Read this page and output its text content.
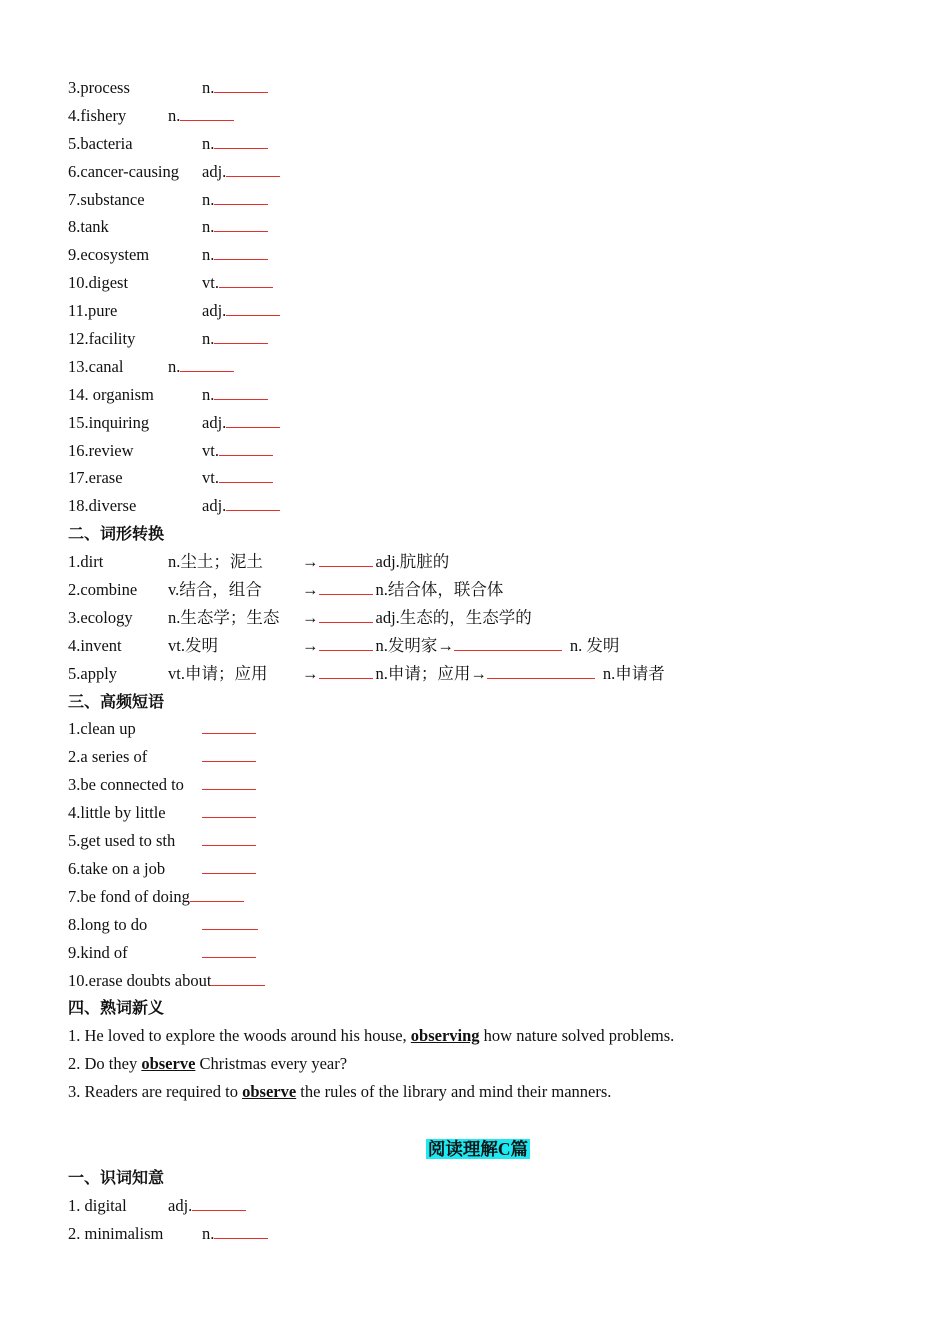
3.process	n.
4.fishery	n.
5.bacteria	n.
6.cancer-causing adj.
7.substance	n.
8.tank	n.
9.ecosystem	n.
10.digest	vt.
11.pure	adj.
12.facility	n.
13.canal	n.
14. organism	n.
15.inquiring	adj.
16.review	vt.
17.erase	vt.
18.diverse	adj.
二、词形转换
1.dirt	n.尘土；泥土 →	adj.肮脏的
2.combine v.结合，组合 →	n.结合体，联合体
3.ecology n.生态学；生态 →	adj.生态的，生态学的
4.invent	vt.发明	→	n.发明家→	n. 发明
5.apply	vt.申请；应用 →	n.申请；应用→	n.申请者
三、高频短语
1.clean up
2.a series of
3.be connected to
4.little by little
5.get used to sth
6.take on a job
7.be fond of doing
8.long to do
9.kind of
10.erase doubts about
四、熟词新义
1. He loved to explore the woods around his house, observing how nature solved problems.
2. Do they observe Christmas every year?
3. Readers are required to observe the rules of the library and mind their manners.
阅读理解C篇
一、识词知意
1. digital	adj.
2. minimalism n.
